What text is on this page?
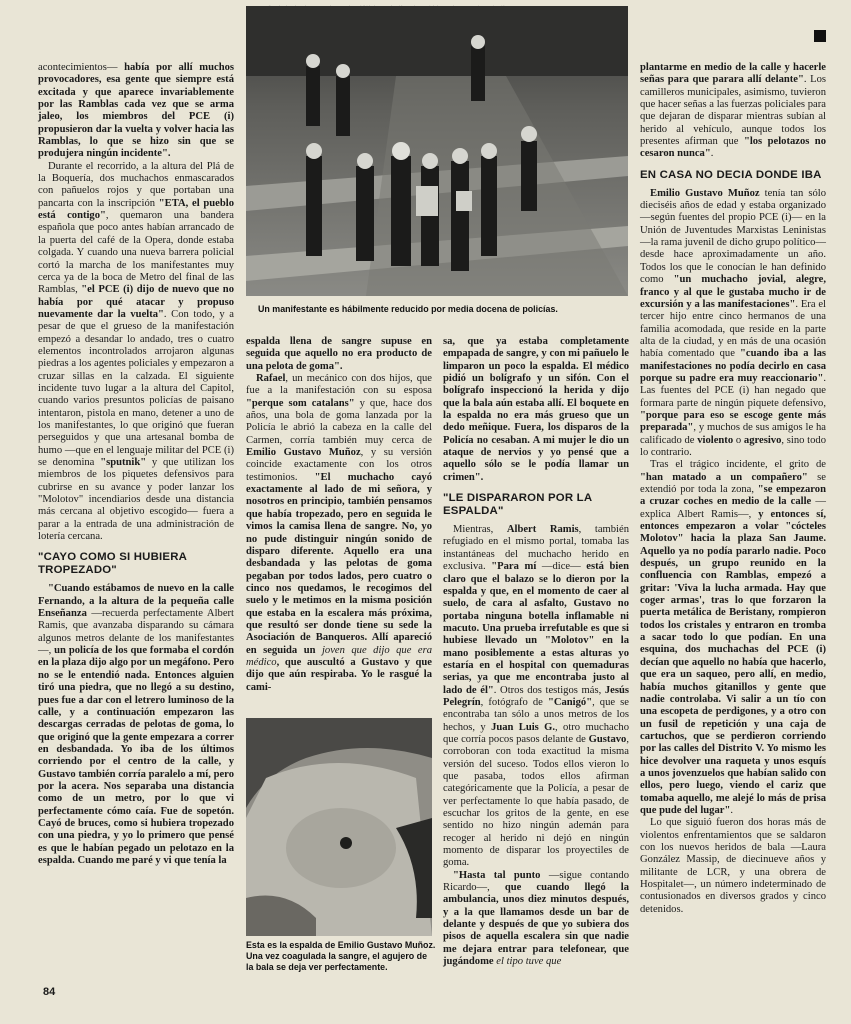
Un manifestante es hábilmente reducido por media docena de policías.
Esta es la espalda de Emilio Gustavo Muñoz. Una vez coagulada la sangre, el agujero de la bala se deja ver perfectamente.

acontecimientos— había por allí muchos provocadores, esa gente que siempre está excitada y que aparece invariablemente por las Ramblas cada vez que se arma jaleo, los miembros del PCE (i) propusieron dar la vuelta y volver hacia las Ramblas, lo que se hizo sin que se produjera ningún incidente".

Durante el recorrido, a la altura del Plá de la Boquería, dos muchachos enmascarados con pañuelos rojos y que portaban una pancarta con la inscripción "ETA, el pueblo está contigo", quemaron una bandera española que poco antes habían arrancado de la puerta del café de la Opera, donde estaba colgada. Y cuando una nueva barrera policial cortó la marcha de los manifestantes muy cerca ya de la boca de Metro del final de las Ramblas, "el PCE (i) dijo de nuevo que no había por qué atacar y propuso nuevamente dar la vuelta". Con todo, y a pesar de que el grueso de la manifestación empezó a desandar lo andado, tres o cuatro elementos incontrolados arrojaron algunas piedras a los agentes policiales y empezaron a cruzar sillas en la calzada. El siguiente incidente tuvo lugar a la altura del Capitol, cuando varios presuntos policías de paisano intentaron, pistola en mano, detener a uno de los manifestantes, lo que originó que fueran perseguidos y que una artesanal bomba de humo —que en el lenguaje militar del PCE (i) se denomina "sputnik" y que utilizan los miembros de los piquetes defensivos para cubrirse en su avance y poder lanzar los "Molotov" incendiarios desde una distancia más cercana al objetivo escogido— fuera a parar a la entrada de una administración de lotería cercana.

"CAYO COMO SI HUBIERA TROPEZADO"

"Cuando estábamos de nuevo en la calle Fernando, a la altura de la pequeña calle Enseñanza —recuerda perfectamente Albert Ramis, que avanzaba disparando su cámara algunos metros delante de los manifestantes—, un policía de los que formaba el cordón en la plaza dijo algo por un megáfono. Pero no se le entendió nada. Entonces alguien tiró una piedra, que no llegó a su destino, pues fue a dar con el letrero luminoso de la calle, y a continuación empezaron las descargas cerradas de pelotas de goma, lo que originó que la gente empezara a correr en desbandada. Yo iba de los últimos corriendo por el centro de la calle, y Gustavo también corría paralelo a mí, pero por la acera. Nos separaba una distancia como de un metro, por lo que vi perfectamente cómo caía. Fue de sopetón. Cayó de bruces, como si hubiera tropezado con una piedra, y yo lo primero que pensé es que le habían pegado un pelotazo en la espalda. Cuando me paré y vi que tenía la

espalda llena de sangre supuse en seguida que aquello no era producto de una pelota de goma".

Rafael, un mecánico con dos hijos, que fue a la manifestación con su esposa "perque som catalans" y que, hace dos años, una bola de goma lanzada por la Policía le abrió la cabeza en la calle del Carmen, corría también muy cerca de Emilio Gustavo Muñoz, y su versión coincide exactamente con los otros testimonios. "El muchacho cayó exactamente al lado de mi señora, y nosotros en principio, también pensamos que había tropezado, pero en seguida le vimos la camisa llena de sangre. No, yo no pude distinguir ningún sonido de disparo diferente. Aquello era una desbandada y las pelotas de goma pegaban por todos lados, pero cuatro o cinco nos quedamos, le recogimos del suelo y le metimos en la misma posición que estaba en la escalera más próxima, que resultó ser donde tiene su sede la Asociación de Banqueros. Allí apareció en seguida un joven que dijo que era médico, que auscultó a Gustavo y que dijo que aún respiraba. Yo le rasgué la cami-

sa, que ya estaba completamente empapada de sangre, y con mi pañuelo le limparon un poco la espalda. El médico pidió un bolígrafo y un sifón. Con el bolígrafo inspeccionó la herida y dijo que la bala aún estaba allí. El boquete en la espalda no era más grueso que un dedo meñique. Fuera, los disparos de la Policía no cesaban. A mi mujer le dio un ataque de nervios y yo pensé que a aquello sólo se le podía llamar un crimen".

"LE DISPARARON POR LA ESPALDA"

Mientras, Albert Ramis, también refugiado en el mismo portal, tomaba las instantáneas del muchacho herido en exclusiva. "Para mí —dice— está bien claro que el balazo se lo dieron por la espalda y que, en el momento de caer al suelo, de cara al asfalto, Gustavo no portaba ninguna botella inflamable ni macuto. Una prueba irrefutable es que si hubiese llevado un "Molotov" en la mano posiblemente a estas alturas yo estaría en el hospital con quemaduras serias, ya que me encontraba justo al lado de él". Otros dos testigos más, Jesús Pelegrín, fotógrafo de "Canigó", que se encontraba tan sólo a unos metros de los hechos, y Juan Luis G., otro muchacho que corría pocos pasos delante de Gustavo, corroboran con toda exactitud la misma versión del suceso. Todos ellos vieron lo que pasaba, todos ellos afirman categóricamente que la Policía, a pesar de ver perfectamente lo que había pasado, de escuchar los gritos de la gente, en ese sentido no hizo ningún ademán para recoger al herido ni dejó en ningún momento de disparar los proyectiles de goma.

"Hasta tal punto —sigue contando Ricardo—, que cuando llegó la ambulancia, unos diez minutos después, y a la que llamamos desde un bar de delante y después de que yo subiera dos pisos de aquella escalera sin que nadie me dejara entrar para telefonear, que jugándome el tipo tuve que

plantarme en medio de la calle y hacerle señas para que parara allí delante". Los camilleros municipales, asimismo, tuvieron que hacer señas a las fuerzas policiales para que dejaran de disparar mientras subían al herido al vehículo, aunque todos los presentes afirman que "los pelotazos no cesaron nunca".

EN CASA NO DECIA DONDE IBA

Emilio Gustavo Muñoz tenía tan sólo dieciséis años de edad y estaba organizado —según fuentes del propio PCE (i)— en la Unión de Juventudes Marxistas Leninistas —la rama juvenil de dicho grupo político— desde hace aproximadamente un año. Todos los que le conocían le han definido como "un muchacho jovial, alegre, franco y al que le gustaba mucho ir de excursión y a las manifestaciones". Era el tercer hijo entre cinco hermanos de una familia acomodada, que reside en la parte alta de la ciudad, y en más de una ocasión había comentado que "cuando iba a las manifestaciones no podía decirlo en casa porque su padre era muy reaccionario". Las fuentes del PCE (i) han negado que formara parte de ningún piquete defensivo, "porque para eso se escoge gente más preparada", y muchos de sus amigos le ha calificado de violento o agresivo, sino todo lo contrario.

Tras el trágico incidente, el grito de "han matado a un compañero" se extendió por toda la zona, "se empezaron a cruzar coches en medio de la calle —explica Albert Ramis—, y entonces sí, entonces empezaron a volar "cócteles Molotov" hacia la plaza San Jaume. Aquello ya no podía pararlo nadie. Poco después, un grupo reunido en la confluencia con Ramblas, empezó a gritar: 'Viva la lucha armada. Hay que coger armas', tras lo que forzaron la puerta metálica de Beristany, rompieron todos los cristales y entraron en tromba a sacar todo lo que podían. En una esquina, dos muchachas del PCE (i) decían que aquello no había que hacerlo, que era un saqueo, pero allí, en medio, había muchos gitanillos y gente que nadie controlaba. Vi salir a un tío con una escopeta de perdigones, y a otro con un fusil de repetición y una caja de cartuchos, que se perdieron corriendo por las calles del Distrito V. Yo mismo les hice devolver una raqueta y unos esquís a unos jovenzuelos que habían salido con ellos, pero luego, viendo el cariz que tomaba aquello, me alejé lo más de prisa que pude del lugar".

Lo que siguió fueron dos horas más de violentos enfrentamientos que se saldaron con los nuevos heridos de bala —Laura González Massip, de diecinueve años y militante de LCR, y una obrera de Hospitalet—, un número indeterminado de contusionados en diversos grados y cinco detenidos.

84
